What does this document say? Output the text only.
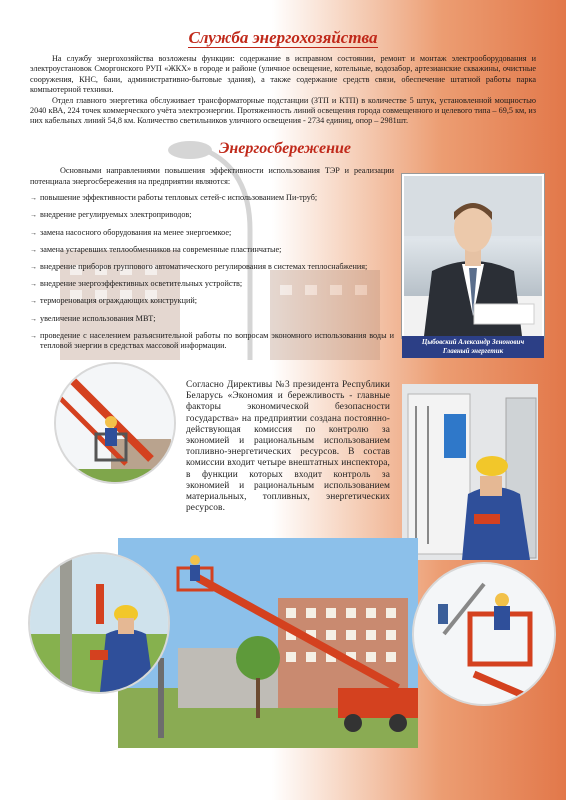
Служба энергохозяйства

На службу энергохозяйства возложены функции: содержание в исправном состоянии, ремонт и монтаж электрооборудования и электроустановок Сморгонского РУП «ЖКХ» в городе и районе (уличное освещение, котельные, водозабор, артезианские скважины, очистные сооружения, КНС, бани, административно-бытовые здания), а также содержание средств связи, обеспечение штатной работы парка компьютерной техники.

Отдел главного энергетика обслуживает трансформаторные подстанции (ЗТП и КТП) в количестве 5 штук, установленной мощностью 2040 кВА, 224 точек коммерческого учёта электроэнергии. Протяженность линий освещения города совмещенного и целевого типа – 69,5 км, из них кабельных линий 54,8 км. Количество светильников уличного освещения - 2734 единиц, опор – 2981шт.

Энергосбережение

Основными направлениями повышения эффективности использования ТЭР и реализации потенциала энергосбережения на предприятии являются:

→ повышение эффективности работы тепловых сетей-с использованием Пи-труб;
→ внедрение регулируемых электроприводов;
→ замена насосного оборудования на менее энергоемкое;
→ замена устаревших теплообменников на современные пластинчатые;
→ внедрение приборов группового автоматического регулирования в системах теплоснабжения;
→ внедрение энергоэффективных осветительных устройств;
→ термореновация ограждающих конструкций;
→ увеличение использования МВТ;
→ проведение с населением разъяснительной работы по вопросам экономного использования воды и тепловой энергии в средствах массовой информации.	Цыбовский Александр Зенонович
Главный энергетик
Согласно Директивы №3 президента Республики Беларусь «Экономия и бережливость - главные факторы экономической безопасности государства» на предприятии создана постоянно-действующая комиссия по контролю за экономией и рациональным использованием топливно-энергетических ресурсов. В состав комиссии входит четыре внештатных инспектора, в функции которых входит контроль за экономией и рациональным использованием материальных, топливных, энергетических ресурсов.
